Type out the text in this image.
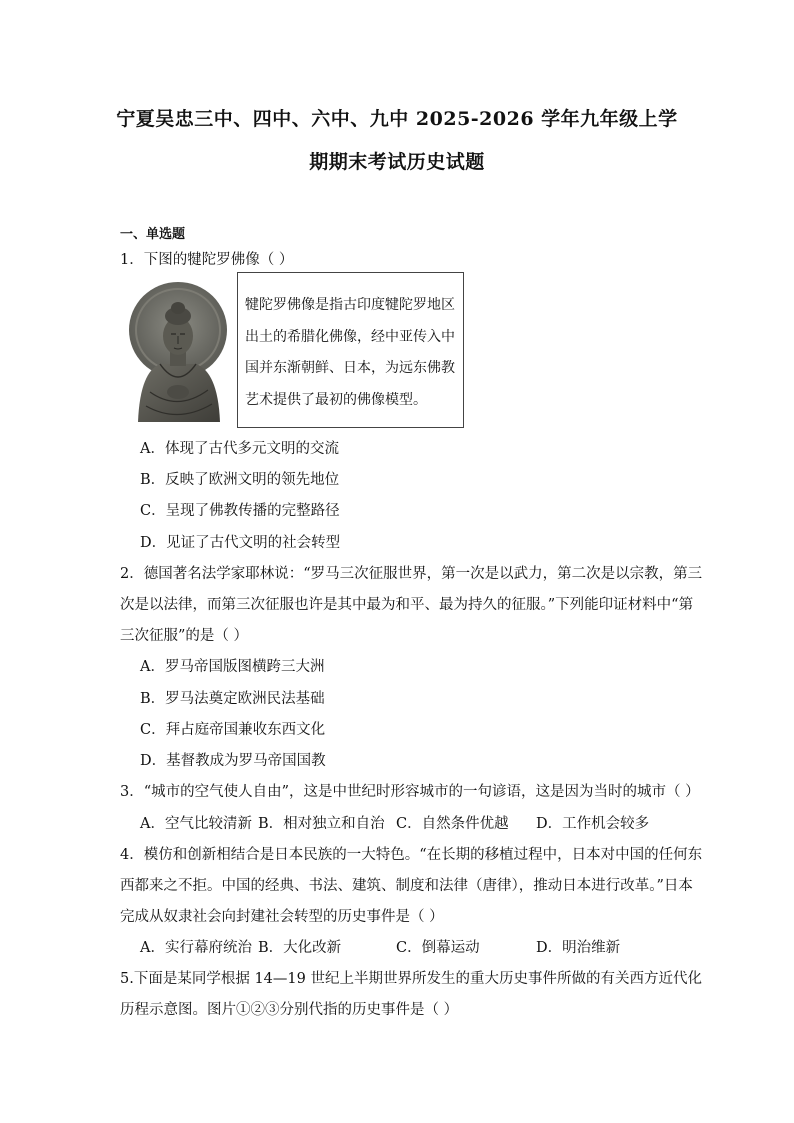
宁夏吴忠三中、四中、六中、九中 2025-2026 学年九年级上学
期期末考试历史试题
一、单选题
1．下图的犍陀罗佛像（ ）
犍陀罗佛像是指古印度犍陀罗地区
出土的希腊化佛像，经中亚传入中
国并东渐朝鲜、日本，为远东佛教
艺术提供了最初的佛像模型。
A．体现了古代多元文明的交流
B．反映了欧洲文明的领先地位
C．呈现了佛教传播的完整路径
D．见证了古代文明的社会转型
2．德国著名法学家耶林说：“罗马三次征服世界，第一次是以武力，第二次是以宗教，第三
次是以法律，而第三次征服也许是其中最为和平、最为持久的征服。”下列能印证材料中“第
三次征服”的是（ ）
A．罗马帝国版图横跨三大洲
B．罗马法奠定欧洲民法基础
C．拜占庭帝国兼收东西文化
D．基督教成为罗马帝国国教
3．“城市的空气使人自由”，这是中世纪时形容城市的一句谚语，这是因为当时的城市（ ）
A．空气比较清新 B．相对独立和自治 C．自然条件优越 D．工作机会较多
4．模仿和创新相结合是日本民族的一大特色。“在长期的移植过程中，日本对中国的任何东
西都来之不拒。中国的经典、书法、建筑、制度和法律（唐律），推动日本进行改革。”日本
完成从奴隶社会向封建社会转型的历史事件是（ ）
A．实行幕府统治 B．大化改新	C．倒幕运动	D．明治维新
5.下面是某同学根据 14—19 世纪上半期世界所发生的重大历史事件所做的有关西方近代化
历程示意图。图片①②③分别代指的历史事件是（ ）
